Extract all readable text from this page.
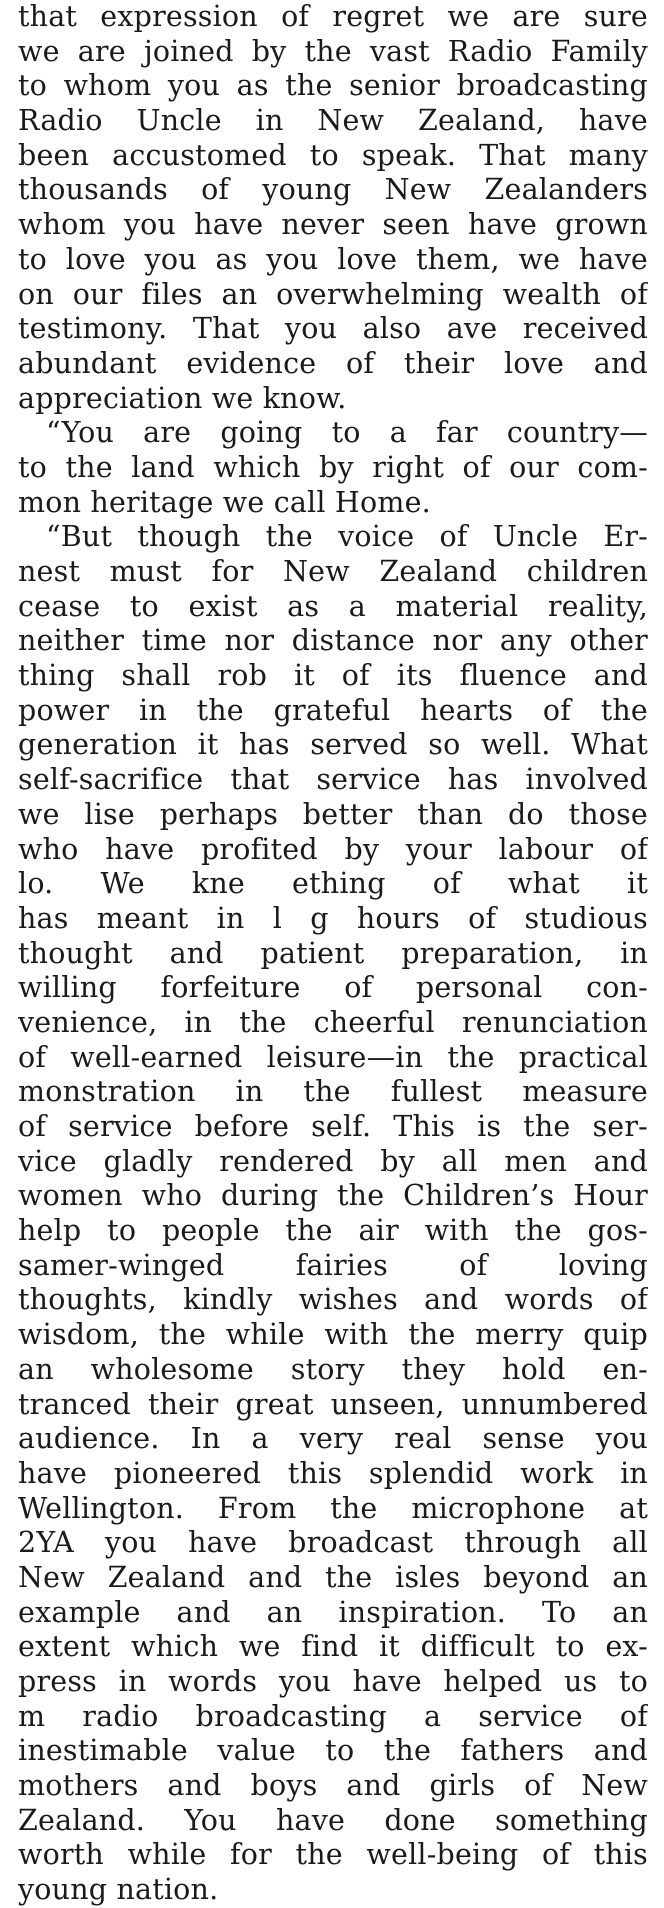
that expression of regret we are sure
we are joined by the vast Radio Family
to whom you as the senior broadcasting
Radio Uncle in New Zealand, have
been accustomed to speak. That many
thousands of young New Zealanders
whom you have never seen have grown
to love you as you love them, we have
on our files an overwhelming wealth of
testimony. That you also ave received
abundant evidence of their love and
appreciation we know.
“You are going to a far country—
to the land which by right of our com-
mon heritage we call Home.
“But though the voice of Uncle Er-
nest must for New Zealand children
cease to exist as a material reality,
neither time nor distance nor any other
thing shall rob it of its fluence and
power in the grateful hearts of the
generation it has served so well. What
self-sacrifice that service has involved
we lise perhaps better than do those
who have profited by your labour of
lo. We kne ething of what it
has meant in l g hours of studious
thought and patient preparation, in
willing forfeiture of personal con-
venience, in the cheerful renunciation
of well-earned leisure—in the practical
monstration in the fullest measure
of service before self. This is the ser-
vice gladly rendered by all men and
women who during the Children’s Hour
help to people the air with the gos-
samer-winged fairies of loving
thoughts, kindly wishes and words of
wisdom, the while with the merry quip
an wholesome story they hold en-
tranced their great unseen, unnumbered
audience. In a very real sense you
have pioneered this splendid work in
Wellington. From the microphone at
2YA you have broadcast through all
New Zealand and the isles beyond an
example and an inspiration. To an
extent which we find it difficult to ex-
press in words you have helped us to
m radio broadcasting a service of
inestimable value to the fathers and
mothers and boys and girls of New
Zealand. You have done something
worth while for the well-being of this
young nation.
